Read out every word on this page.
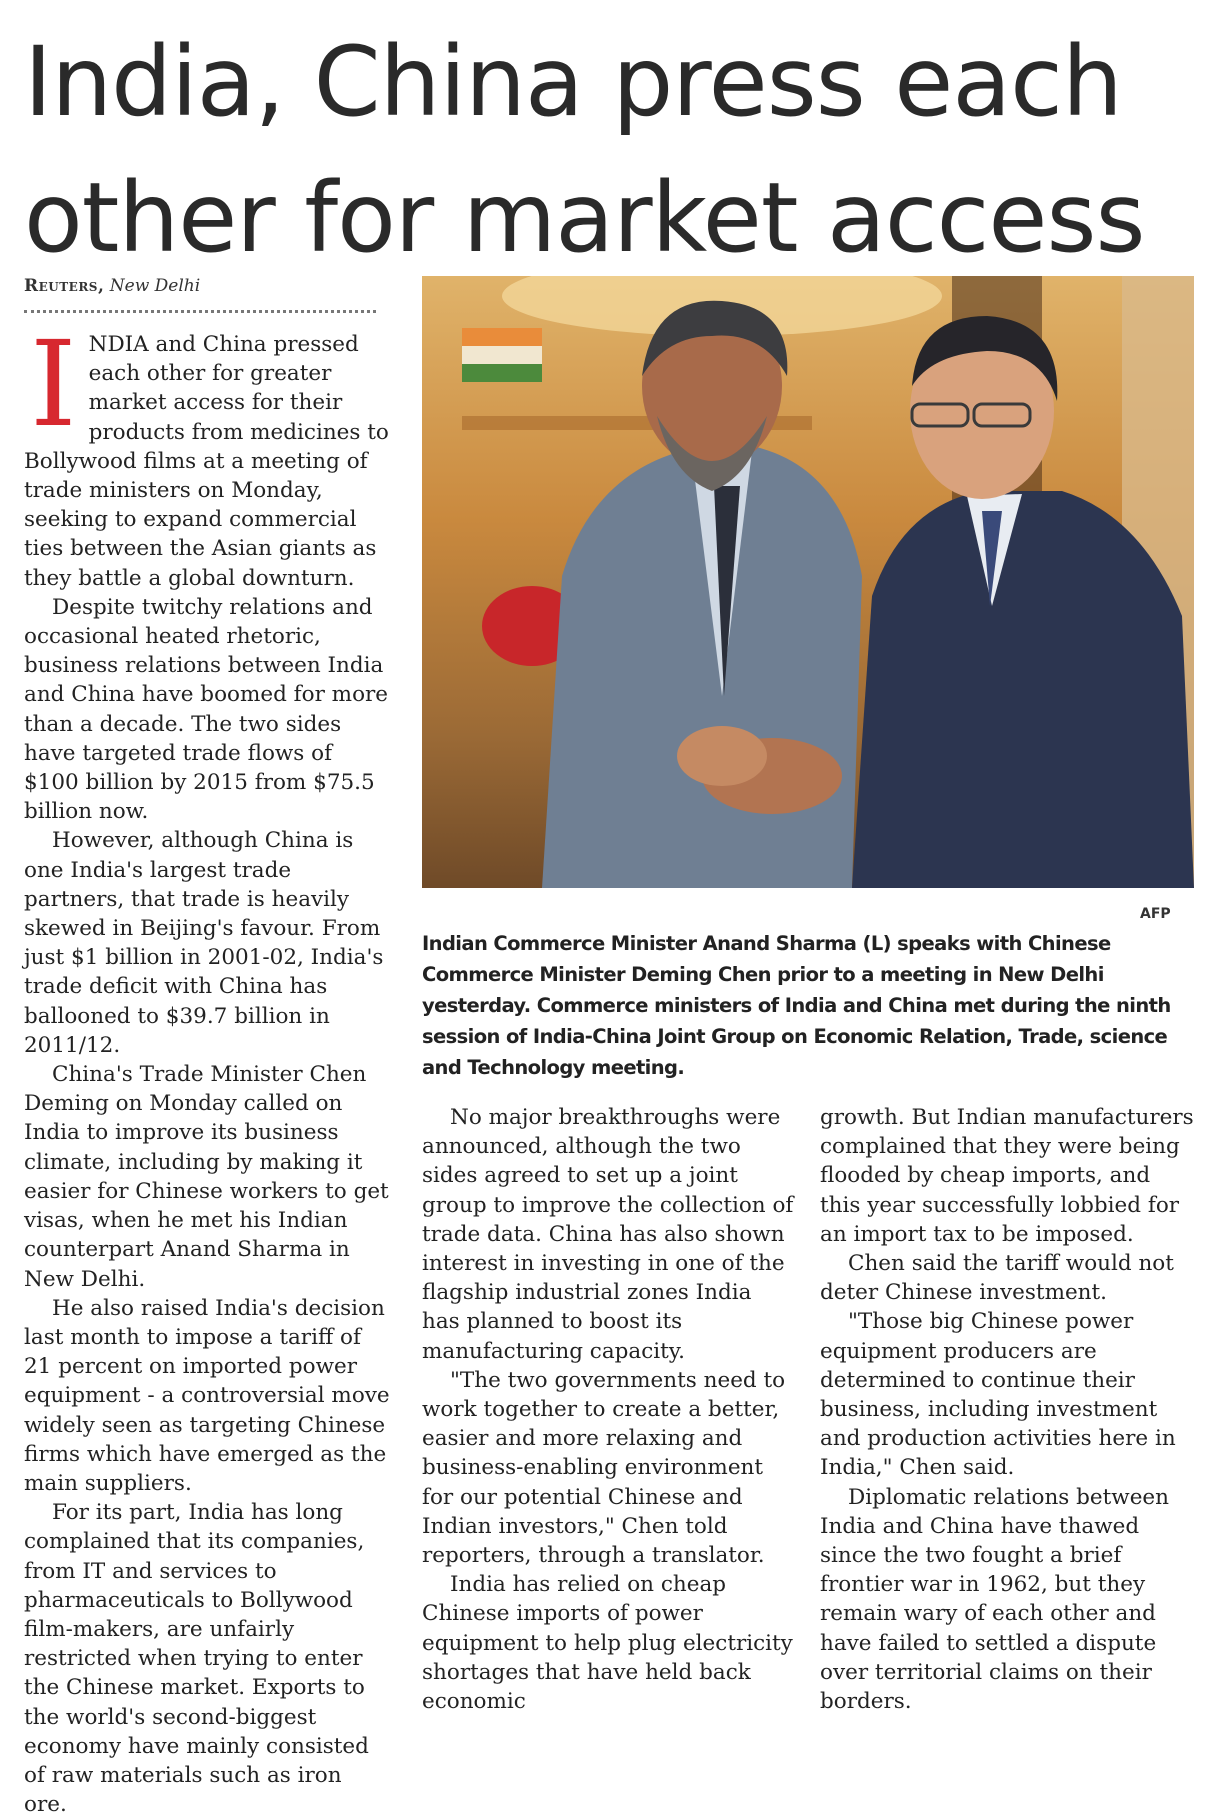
India, China press each other for market access
Reuters, New Delhi

INDIA and China pressed each other for greater market access for their products from medicines to Bollywood films at a meeting of trade ministers on Monday, seeking to expand commercial ties between the Asian giants as they battle a global downturn.

Despite twitchy relations and occasional heated rhetoric, business relations between India and China have boomed for more than a decade. The two sides have targeted trade flows of $100 billion by 2015 from $75.5 billion now.

However, although China is one India's largest trade partners, that trade is heavily skewed in Beijing's favour. From just $1 billion in 2001-02, India's trade deficit with China has ballooned to $39.7 billion in 2011/12.

China's Trade Minister Chen Deming on Monday called on India to improve its business climate, including by making it easier for Chinese workers to get visas, when he met his Indian counterpart Anand Sharma in New Delhi.

He also raised India's decision last month to impose a tariff of 21 percent on imported power equipment - a controversial move widely seen as targeting Chinese firms which have emerged as the main suppliers.

For its part, India has long complained that its companies, from IT and services to pharmaceuticals to Bollywood film-makers, are unfairly restricted when trying to enter the Chinese market. Exports to the world's second-biggest economy have mainly consisted of raw materials such as iron ore.

AFP
Indian Commerce Minister Anand Sharma (L) speaks with Chinese Commerce Minister Deming Chen prior to a meeting in New Delhi yesterday. Commerce ministers of India and China met during the ninth session of India-China Joint Group on Economic Relation, Trade, science and Technology meeting.

No major breakthroughs were announced, although the two sides agreed to set up a joint group to improve the collection of trade data. China has also shown interest in investing in one of the flagship industrial zones India has planned to boost its manufacturing capacity.

"The two governments need to work together to create a better, easier and more relaxing and business-enabling environment for our potential Chinese and Indian investors," Chen told reporters, through a translator.

India has relied on cheap Chinese imports of power equipment to help plug electricity shortages that have held back economic

growth. But Indian manufacturers complained that they were being flooded by cheap imports, and this year successfully lobbied for an import tax to be imposed.

Chen said the tariff would not deter Chinese investment.

"Those big Chinese power equipment producers are determined to continue their business, including investment and production activities here in India," Chen said.

Diplomatic relations between India and China have thawed since the two fought a brief frontier war in 1962, but they remain wary of each other and have failed to settled a dispute over territorial claims on their borders.
